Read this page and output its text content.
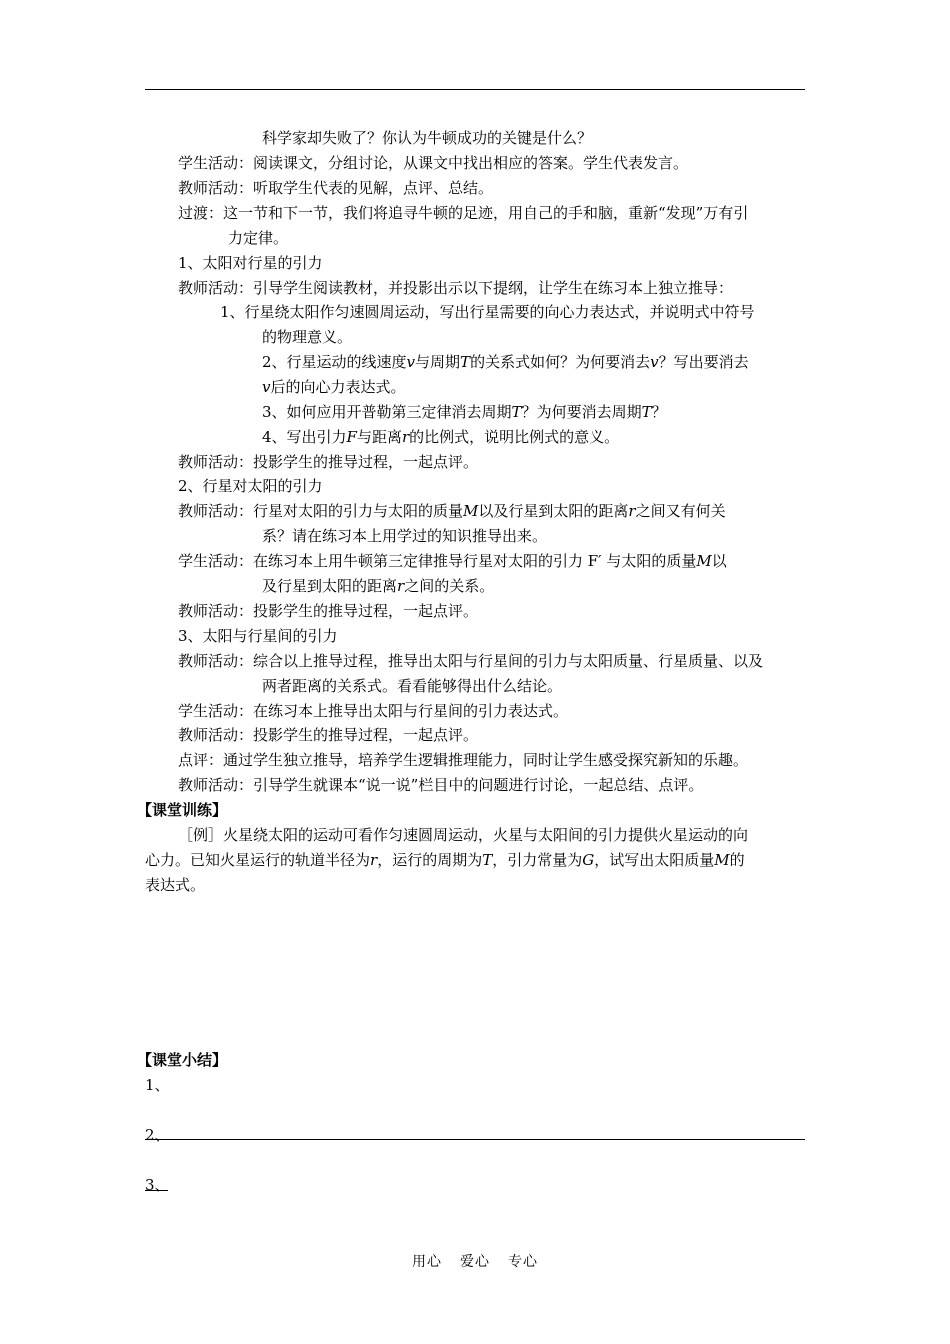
科学家却失败了？你认为牛顿成功的关键是什么？
学生活动：阅读课文，分组讨论，从课文中找出相应的答案。学生代表发言。
教师活动：听取学生代表的见解，点评、总结。
过渡：这一节和下一节，我们将追寻牛顿的足迹，用自己的手和脑，重新“发现”万有引
力定律。
1、太阳对行星的引力
教师活动：引导学生阅读教材，并投影出示以下提纲，让学生在练习本上独立推导：
1、行星绕太阳作匀速圆周运动，写出行星需要的向心力表达式，并说明式中符号
的物理意义。
2、行星运动的线速度v与周期T的关系式如何？为何要消去v？写出要消去
v后的向心力表达式。
3、如何应用开普勒第三定律消去周期T？为何要消去周期T？
4、写出引力F与距离r的比例式，说明比例式的意义。
教师活动：投影学生的推导过程，一起点评。
2、行星对太阳的引力
教师活动：行星对太阳的引力与太阳的质量M以及行星到太阳的距离r之间又有何关
系？请在练习本上用学过的知识推导出来。
学生活动：在练习本上用牛顿第三定律推导行星对太阳的引力 F′ 与太阳的质量M以
及行星到太阳的距离r之间的关系。
教师活动：投影学生的推导过程，一起点评。
3、太阳与行星间的引力
教师活动：综合以上推导过程，推导出太阳与行星间的引力与太阳质量、行星质量、以及
两者距离的关系式。看看能够得出什么结论。
学生活动：在练习本上推导出太阳与行星间的引力表达式。
教师活动：投影学生的推导过程，一起点评。
点评：通过学生独立推导，培养学生逻辑推理能力，同时让学生感受探究新知的乐趣。
教师活动：引导学生就课本“说一说”栏目中的问题进行讨论，一起总结、点评。
【课堂训练】
［例］火星绕太阳的运动可看作匀速圆周运动，火星与太阳间的引力提供火星运动的向
心力。已知火星运行的轨道半径为r，运行的周期为T，引力常量为G，试写出太阳质量M的
表达式。
【课堂小结】
1、
2、
3、
用心 爱心 专心
